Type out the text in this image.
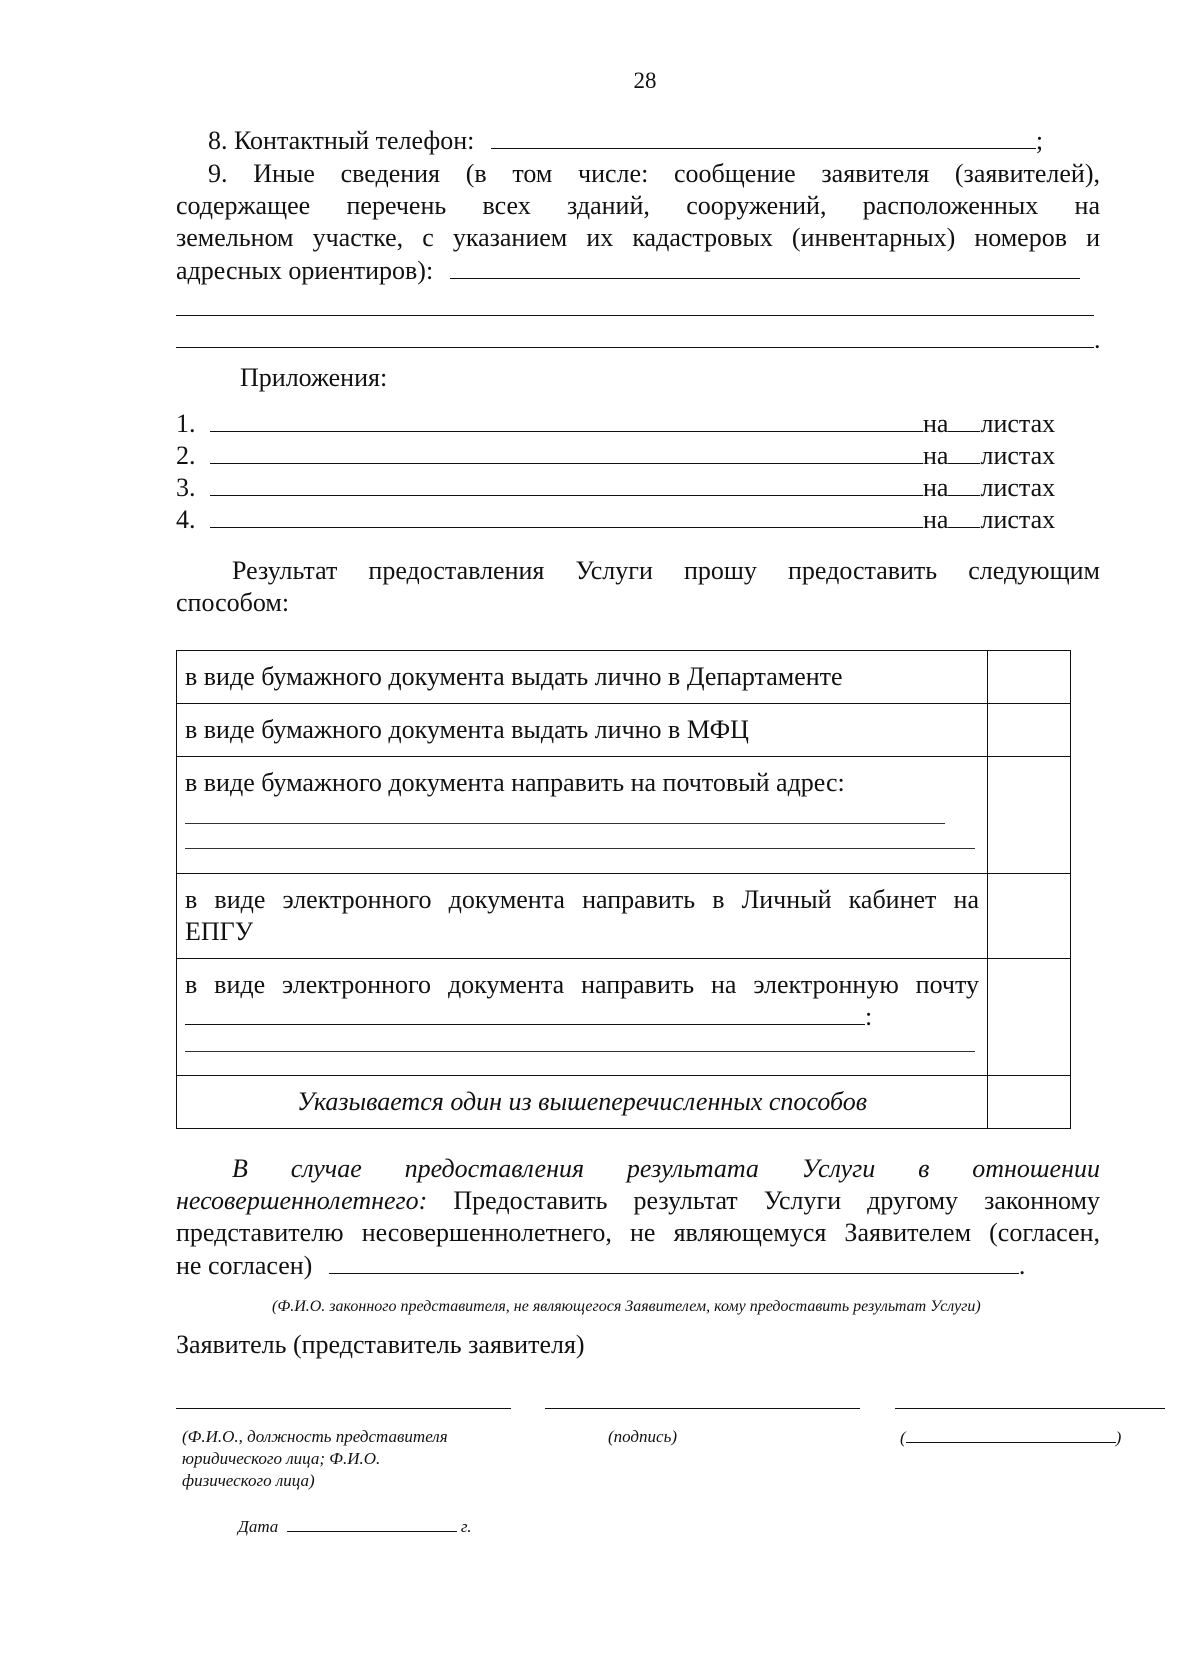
28
8. Контактный телефон:	;
9. Иные сведения (в том числе: сообщение заявителя (заявителей),
содержащее перечень всех зданий, сооружений, расположенных на
земельном участке, с указанием их кадастровых (инвентарных) номеров и
адресных ориентиров):
.
Приложения:
1.	на листах
2.	на листах
3.	на листах
4.	на листах
Результат предоставления Услуги прошу предоставить следующим
способом:
в виде бумажного документа выдать лично в Департаменте	
в виде бумажного документа выдать лично в МФЦ	

в виде бумажного документа направить на почтовый адрес:	

в виде электронного документа направить в Личный кабинет на
ЕПГУ	

в виде электронного документа направить на электронную почту
:	

Указывается один из вышеперечисленных способов	
В случае предоставления результата Услуги в отношении
несовершеннолетнего: Предоставить результат Услуги другому законному
представителю несовершеннолетнего, не являющемуся Заявителем (согласен,
не согласен)	.
(Ф.И.О. законного представителя, не являющегося Заявителем, кому предоставить результат Услуги)
Заявитель (представитель заявителя)
(Ф.И.О., должность представителя
юридического лица; Ф.И.О.
физического лица)
(подпись)	(	)
Дата	г.
